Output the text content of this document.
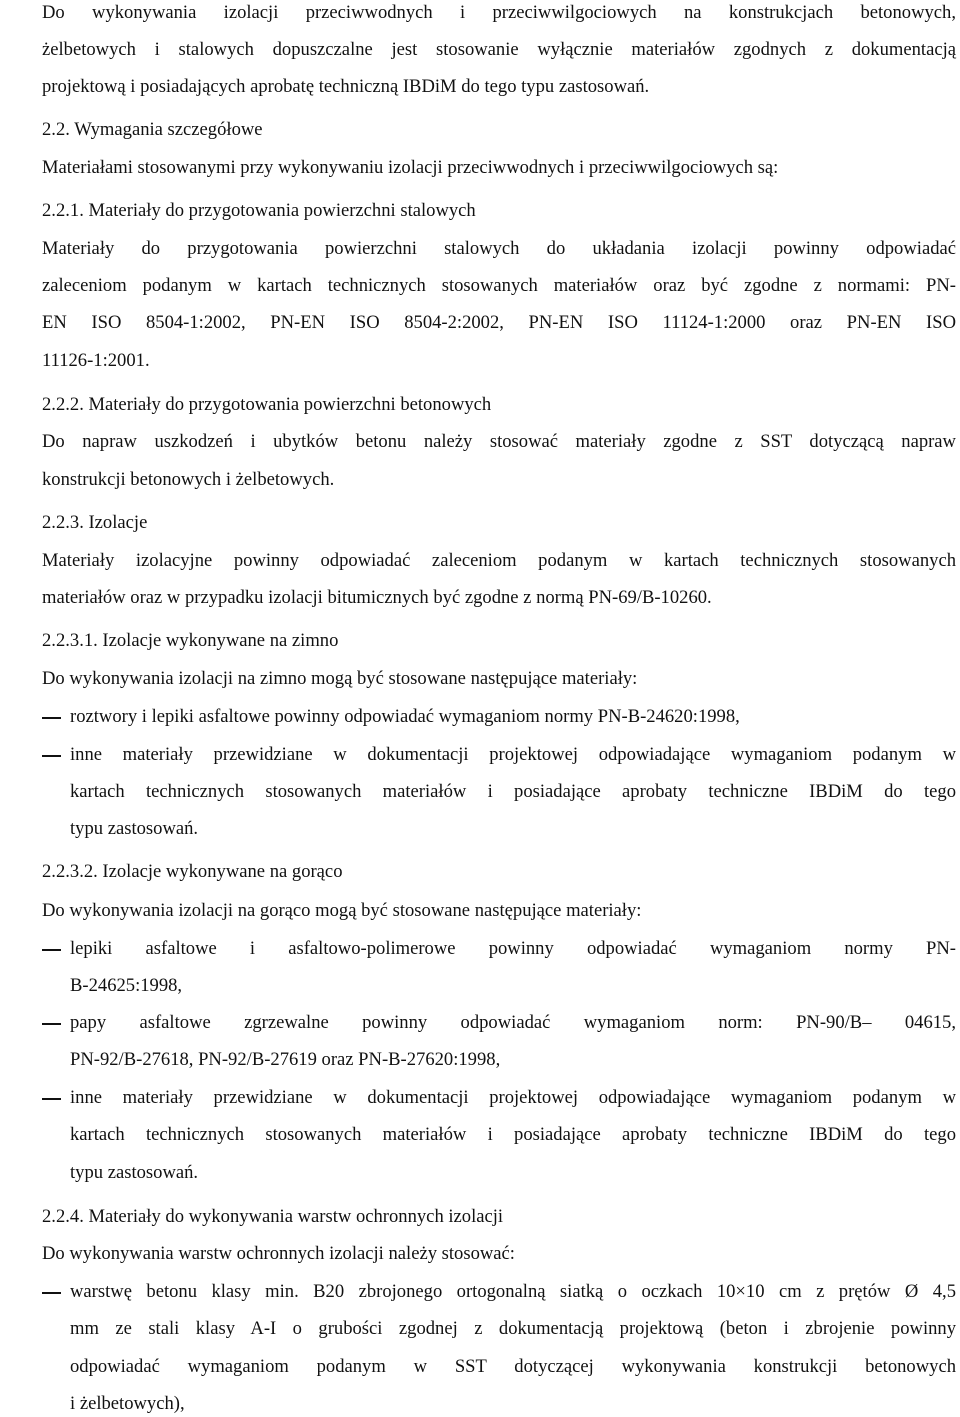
Do wykonywania izolacji przeciwwodnych i przeciwwilgociowych na konstrukcjach betonowych,
żelbetowych i stalowych dopuszczalne jest stosowanie wyłącznie materiałów zgodnych z dokumentacją
projektową i posiadających aprobatę techniczną IBDiM do tego typu zastosowań.
2.2. Wymagania szczegółowe
Materiałami stosowanymi przy wykonywaniu izolacji przeciwwodnych i przeciwwilgociowych są:
2.2.1. Materiały do przygotowania powierzchni stalowych
Materiały do przygotowania powierzchni stalowych do układania izolacji powinny odpowiadać
zaleceniom podanym w kartach technicznych stosowanych materiałów oraz być zgodne z normami: PN-
EN ISO 8504-1:2002, PN-EN ISO 8504-2:2002, PN-EN ISO 11124-1:2000 oraz PN-EN ISO
11126-1:2001.
2.2.2. Materiały do przygotowania powierzchni betonowych
Do napraw uszkodzeń i ubytków betonu należy stosować materiały zgodne z SST dotyczącą napraw
konstrukcji betonowych i żelbetowych.
2.2.3. Izolacje
Materiały izolacyjne powinny odpowiadać zaleceniom podanym w kartach technicznych stosowanych
materiałów oraz w przypadku izolacji bitumicznych być zgodne z normą PN-69/B-10260.
2.2.3.1. Izolacje wykonywane na zimno
Do wykonywania izolacji na zimno mogą być stosowane następujące materiały:
roztwory i lepiki asfaltowe powinny odpowiadać wymaganiom normy PN-B-24620:1998,
inne materiały przewidziane w dokumentacji projektowej odpowiadające wymaganiom podanym w
kartach technicznych stosowanych materiałów i posiadające aprobaty techniczne IBDiM do tego
typu zastosowań.
2.2.3.2. Izolacje wykonywane na gorąco
Do wykonywania izolacji na gorąco mogą być stosowane następujące materiały:
lepiki asfaltowe i asfaltowo-polimerowe powinny odpowiadać wymaganiom normy PN-
B-24625:1998,
papy asfaltowe zgrzewalne powinny odpowiadać wymaganiom norm: PN-90/B– 04615,
PN-92/B-27618, PN-92/B-27619 oraz PN-B-27620:1998,
inne materiały przewidziane w dokumentacji projektowej odpowiadające wymaganiom podanym w
kartach technicznych stosowanych materiałów i posiadające aprobaty techniczne IBDiM do tego
typu zastosowań.
2.2.4. Materiały do wykonywania warstw ochronnych izolacji
Do wykonywania warstw ochronnych izolacji należy stosować:
warstwę betonu klasy min. B20 zbrojonego ortogonalną siatką o oczkach 10×10 cm z prętów Ø 4,5
mm ze stali klasy A-I o grubości zgodnej z dokumentacją projektową (beton i zbrojenie powinny
odpowiadać wymaganiom podanym w SST dotyczącej wykonywania konstrukcji betonowych
i żelbetowych),
